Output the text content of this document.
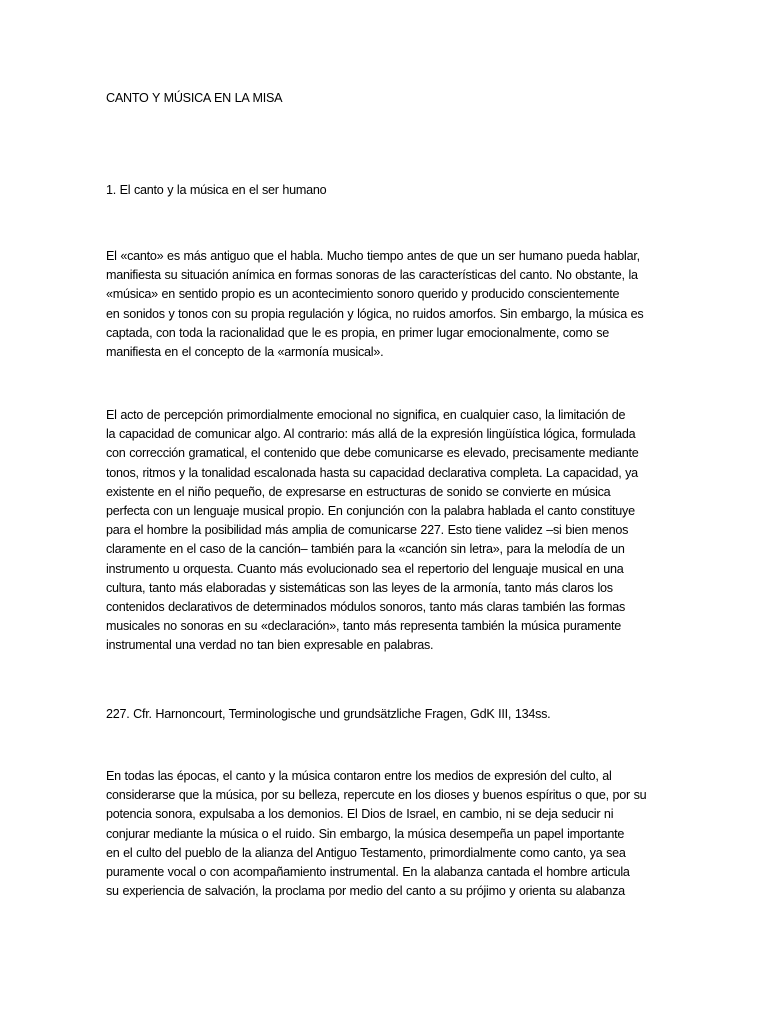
CANTO Y MÚSICA EN LA MISA
1. El canto y la música en el ser humano
El «canto» es más antiguo que el habla. Mucho tiempo antes de que un ser humano pueda hablar,
manifiesta su situación anímica en formas sonoras de las características del canto. No obstante, la
«música» en sentido propio es un acontecimiento sonoro querido y producido conscientemente
en sonidos y tonos con su propia regulación y lógica, no ruidos amorfos. Sin embargo, la música es
captada, con toda la racionalidad que le es propia, en primer lugar emocionalmente, como se
manifiesta en el concepto de la «armonía musical».
El acto de percepción primordialmente emocional no significa, en cualquier caso, la limitación de
la capacidad de comunicar algo. Al contrario: más allá de la expresión lingüística lógica, formulada
con corrección gramatical, el contenido que debe comunicarse es elevado, precisamente mediante
tonos, ritmos y la tonalidad escalonada hasta su capacidad declarativa completa. La capacidad, ya
existente en el niño pequeño, de expresarse en estructuras de sonido se convierte en música
perfecta con un lenguaje musical propio. En conjunción con la palabra hablada el canto constituye
para el hombre la posibilidad más amplia de comunicarse 227. Esto tiene validez –si bien menos
claramente en el caso de la canción– también para la «canción sin letra», para la melodía de un
instrumento u orquesta. Cuanto más evolucionado sea el repertorio del lenguaje musical en una
cultura, tanto más elaboradas y sistemáticas son las leyes de la armonía, tanto más claros los
contenidos declarativos de determinados módulos sonoros, tanto más claras también las formas
musicales no sonoras en su «declaración», tanto más representa también la música puramente
instrumental una verdad no tan bien expresable en palabras.
227. Cfr. Harnoncourt, Terminologische und grundsätzliche Fragen, GdK III, 134ss.
En todas las épocas, el canto y la música contaron entre los medios de expresión del culto, al
considerarse que la música, por su belleza, repercute en los dioses y buenos espíritus o que, por su
potencia sonora, expulsaba a los demonios. El Dios de Israel, en cambio, ni se deja seducir ni
conjurar mediante la música o el ruido. Sin embargo, la música desempeña un papel importante
en el culto del pueblo de la alianza del Antiguo Testamento, primordialmente como canto, ya sea
puramente vocal o con acompañamiento instrumental. En la alabanza cantada el hombre articula
su experiencia de salvación, la proclama por medio del canto a su prójimo y orienta su alabanza
